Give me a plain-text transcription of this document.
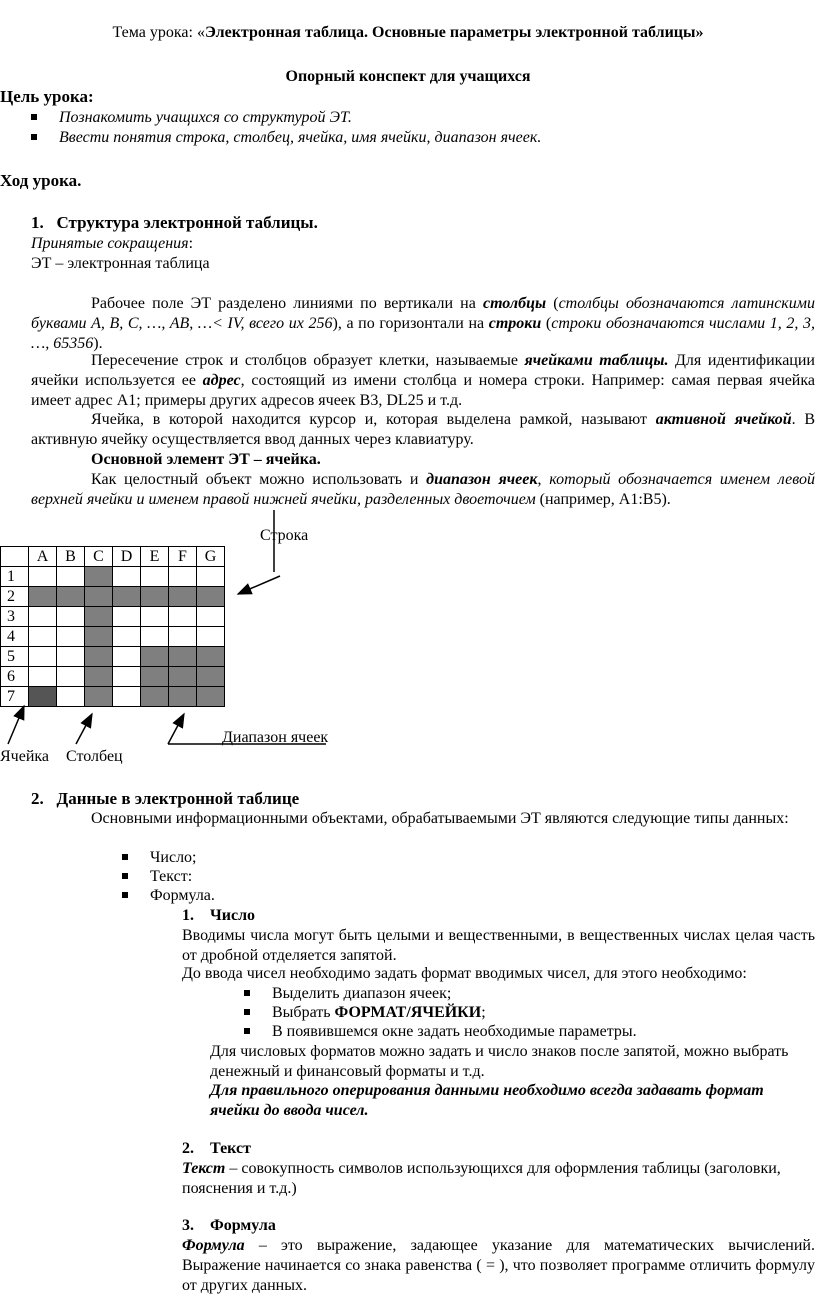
Тема урока: «Электронная таблица. Основные параметры электронной таблицы»
Опорный конспект для учащихся
Цель урока:
Познакомить учащихся со структурой ЭТ.
Ввести понятия строка, столбец, ячейка, имя ячейки, диапазон ячеек.
Ход урока.
1.   Структура электронной таблицы.
Принятые сокращения:
ЭТ – электронная таблица
Рабочее поле ЭТ разделено линиями по вертикали на столбцы (столбцы обозначаются латинскими буквами A, B, C, …, AB, …< IV, всего их 256), а по горизонтали на строки (строки обозначаются числами 1, 2, 3, …, 65356).
Пересечение строк и столбцов образует клетки, называемые ячейками таблицы. Для идентификации ячейки используется ее адрес, состоящий из имени столбца и номера строки. Например: самая первая ячейка имеет адрес А1; примеры других адресов ячеек В3, DL25 и т.д.
Ячейка, в которой находится курсор и, которая выделена рамкой, называют активной ячейкой. В активную ячейку осуществляется ввод данных через клавиатуру.
Основной элемент ЭТ – ячейка.
Как целостный объект можно использовать и диапазон ячеек, который обозначается именем левой верхней ячейки и именем правой нижней ячейки, разделенных двоеточием (например, А1:В5).
Строка
	A	B	C	D	E	F	G
1							
2							
3							
4							
5							
6							
7							
Ячейка Столбец
Диапазон ячеек
2.   Данные в электронной таблице
Основными информационными объектами, обрабатываемыми ЭТ являются следующие типы данных:
Число;
Текст:
Формула.
1.    Число
Вводимы числа могут быть целыми и вещественными, в вещественных числах целая часть от дробной отделяется запятой.
До ввода чисел необходимо задать формат вводимых чисел, для этого необходимо:
Выделить диапазон ячеек;
Выбрать ФОРМАТ/ЯЧЕЙКИ;
В появившемся окне задать необходимые параметры.
Для числовых форматов можно задать и число знаков после запятой, можно выбрать денежный и финансовый форматы и т.д.
Для правильного оперирования данными необходимо всегда задавать формат ячейки до ввода чисел.
2.    Текст
Текст – совокупность символов использующихся для оформления таблицы (заголовки, пояснения и т.д.)
3.    Формула
Формула – это выражение, задающее указание для математических вычислений. Выражение начинается со знака равенства ( = ), что позволяет программе отличить формулу от других данных.
